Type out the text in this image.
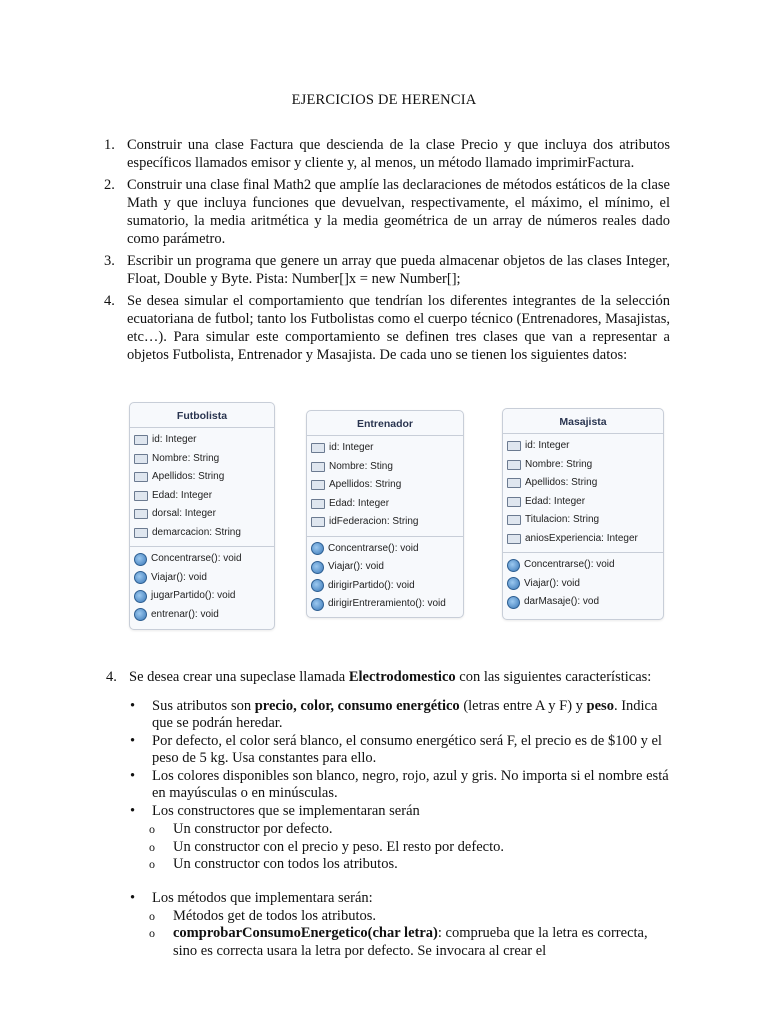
EJERCICIOS DE HERENCIA
1. Construir una clase Factura que descienda de la clase Precio y que incluya dos atributos específicos llamados emisor y cliente y, al menos, un método llamado imprimirFactura.
2. Construir una clase final Math2 que amplíe las declaraciones de métodos estáticos de la clase Math y que incluya funciones que devuelvan, respectivamente, el máximo, el mínimo, el sumatorio, la media aritmética y la media geométrica de un array de números reales dado como parámetro.
3. Escribir un programa que genere un array que pueda almacenar objetos de las clases Integer, Float, Double y Byte. Pista: Number[]x = new Number[];
4. Se desea simular el comportamiento que tendrían los diferentes integrantes de la selección ecuatoriana de futbol; tanto los Futbolistas como el cuerpo técnico (Entrenadores, Masajistas, etc…). Para simular este comportamiento se definen tres clases que van a representar a objetos Futbolista, Entrenador y Masajista. De cada uno se tienen los siguientes datos:
Futbolista
id: Integer
Nombre: String
Apellidos: String
Edad: Integer
dorsal: Integer
demarcacion: String
Concentrarse(): void
Viajar(): void
jugarPartido(): void
entrenar(): void
Entrenador
id: Integer
Nombre: Sting
Apellidos: String
Edad: Integer
idFederacion: String
Concentrarse(): void
Viajar(): void
dirigirPartido(): void
dirigirEntreramiento(): void
Masajista
id: Integer
Nombre: String
Apellidos: String
Edad: Integer
Titulacion: String
aniosExperiencia: Integer
Concentrarse(): void
Viajar(): void
darMasaje(): vod
4. Se desea crear una supeclase llamada Electrodomestico con las siguientes características:
• Sus atributos son precio, color, consumo energético (letras entre A y F) y peso. Indica que se podrán heredar.
• Por defecto, el color será blanco, el consumo energético será F, el precio es de $100 y el peso de 5 kg. Usa constantes para ello.
• Los colores disponibles son blanco, negro, rojo, azul y gris. No importa si el nombre está en mayúsculas o en minúsculas.
• Los constructores que se implementaran serán
o Un constructor por defecto.
o Un constructor con el precio y peso. El resto por defecto.
o Un constructor con todos los atributos.
• Los métodos que implementara serán:
o Métodos get de todos los atributos.
o comprobarConsumoEnergetico(char letra): comprueba que la letra es correcta, sino es correcta usara la letra por defecto. Se invocara al crear el
